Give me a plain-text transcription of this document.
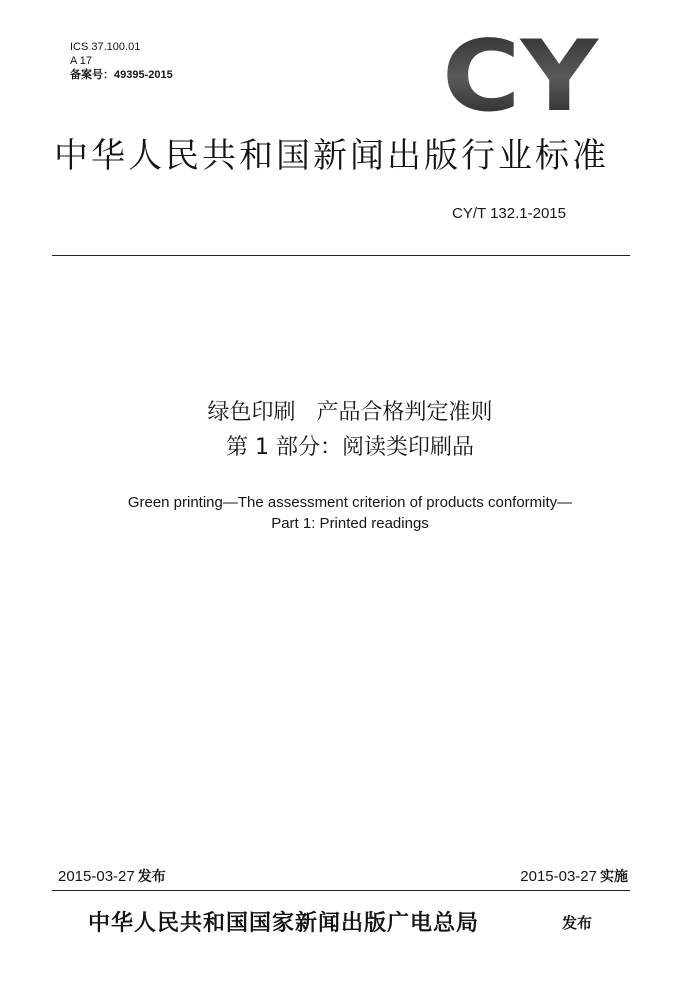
ICS 37.100.01
A 17
备案号：49395-2015	CY
中华人民共和国新闻出版行业标准
CY/T 132.1-2015
绿色印刷   产品合格判定准则
第 1 部分：阅读类印刷品
Green printing—The assessment criterion of products conformity—
Part 1: Printed readings
2015-03-27 发布	2015-03-27 实施
中华人民共和国国家新闻出版广电总局	发布
